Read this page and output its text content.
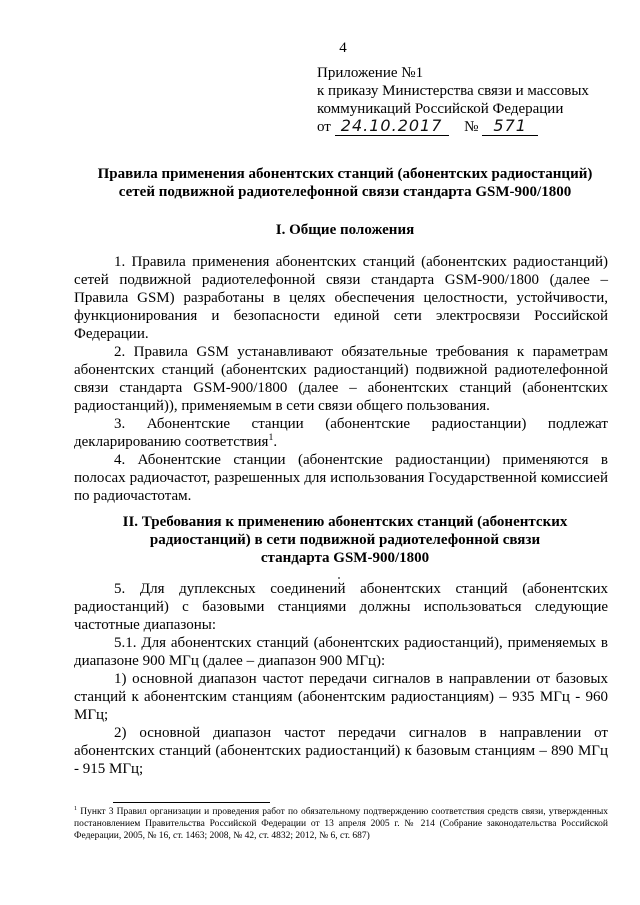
4
Приложение №1
к приказу Министерства связи и массовых
коммуникаций Российской Федерации
от 24.10.2017 № 571
Правила применения абонентских станций (абонентских радиостанций)
сетей подвижной радиотелефонной связи стандарта GSM-900/1800
I. Общие положения

1. Правила применения абонентских станций (абонентских радиостанций) сетей подвижной радиотелефонной связи стандарта GSM-900/1800 (далее – Правила GSM) разработаны в целях обеспечения целостности, устойчивости, функционирования и безопасности единой сети электросвязи Российской Федерации.

2. Правила GSM устанавливают обязательные требования к параметрам абонентских станций (абонентских радиостанций) подвижной радиотелефонной связи стандарта GSM-900/1800 (далее – абонентских станций (абонентских радиостанций)), применяемым в сети связи общего пользования.

3. Абонентские станции (абонентские радиостанции) подлежат декларированию соответствия$^1$.

4. Абонентские станции (абонентские радиостанции) применяются в полосах радиочастот, разрешенных для использования Государственной комиссией по радиочастотам.

II. Требования к применению абонентских станций (абонентских
радиостанций) в сети подвижной радиотелефонной связи
стандарта GSM-900/1800

5. Для дуплексных соединений абонентских станций (абонентских радиостанций) с базовыми станциями должны использоваться следующие частотные диапазоны:

5.1. Для абонентских станций (абонентских радиостанций), применяемых в диапазоне 900 МГц (далее – диапазон 900 МГц):

1) основной диапазон частот передачи сигналов в направлении от базовых станций к абонентским станциям (абонентским радиостанциям) – 935 МГц - 960 МГц;

2) основной диапазон частот передачи сигналов в направлении от абонентских станций (абонентских радиостанций) к базовым станциям – 890 МГц - 915 МГц;

$^1$ Пункт 3 Правил организации и проведения работ по обязательному подтверждению соответствия средств связи, утвержденных постановлением Правительства Российской Федерации от 13 апреля 2005 г. № 214 (Собрание законодательства Российской Федерации, 2005, № 16, ст. 1463; 2008, № 42, ст. 4832; 2012, № 6, ст. 687)
